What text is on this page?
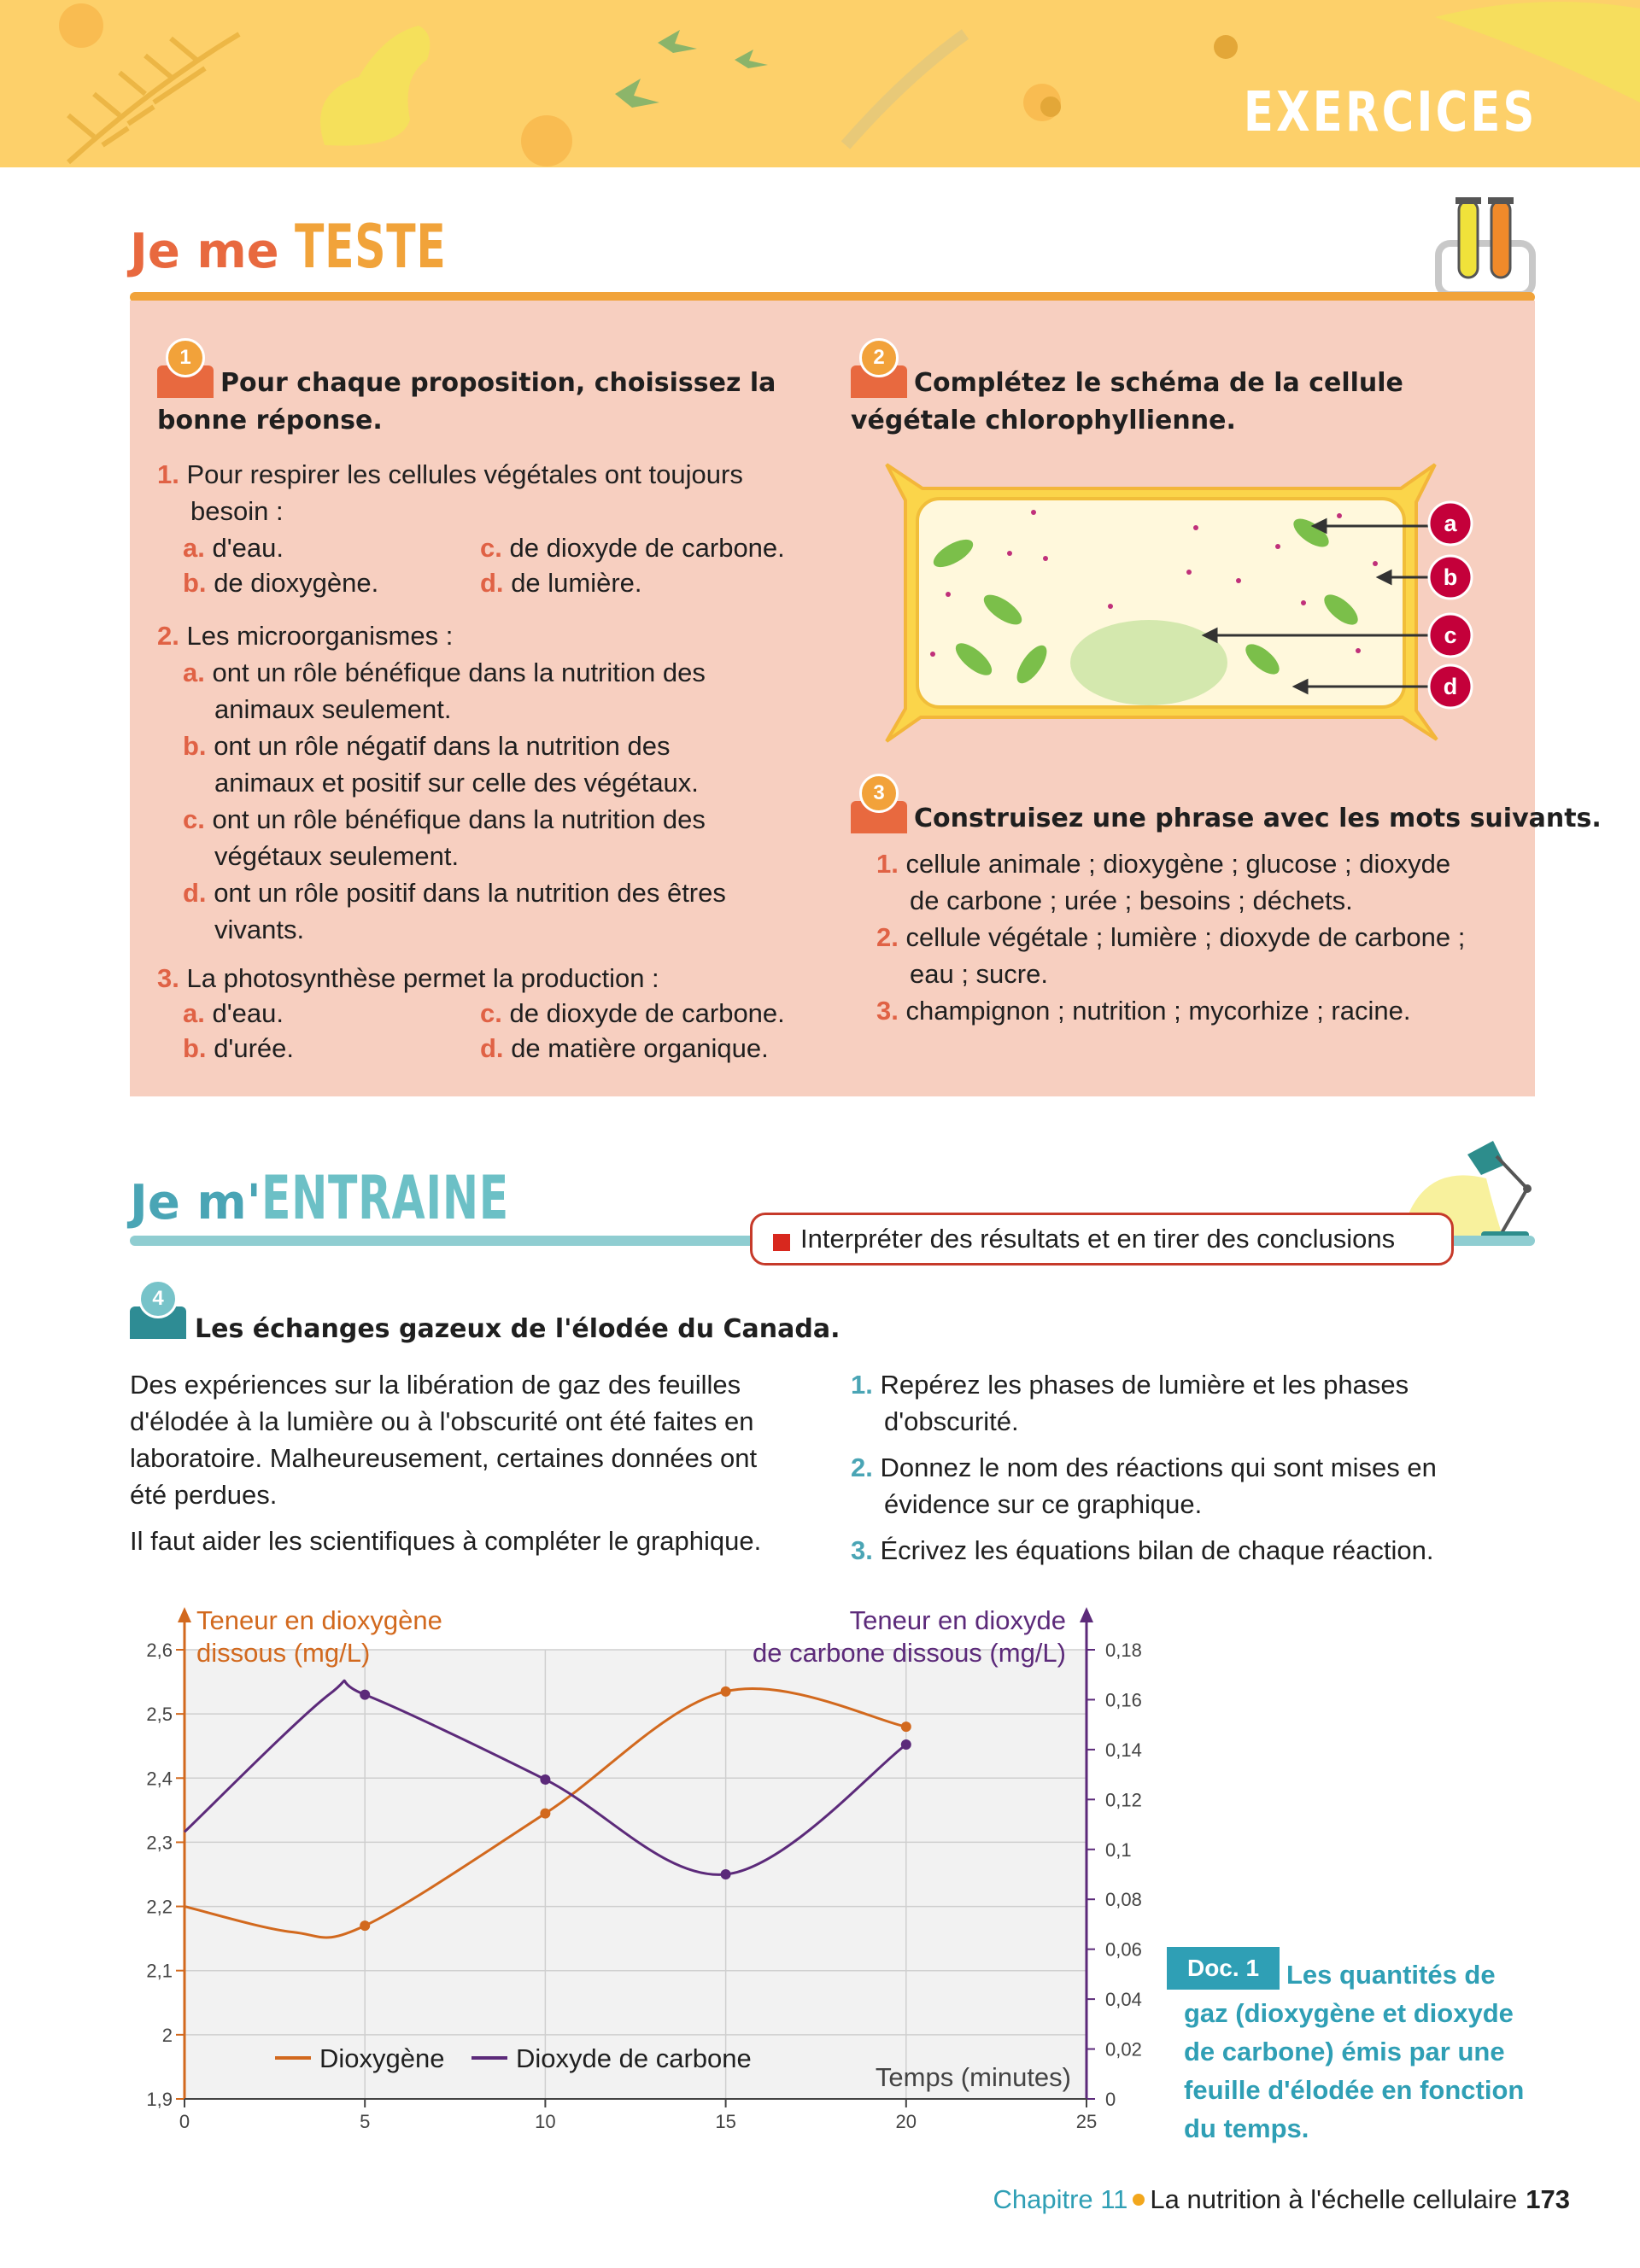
EXERCICES
Je me TESTE
1
Pour chaque proposition, choisissez la bonne réponse.
1. Pour respirer les cellules végétales ont toujours
besoin :
a. d'eau.	c. de dioxyde de carbone.
b. de dioxygène.	d. de lumière.
2. Les microorganismes :
a. ont un rôle bénéfique dans la nutrition des
animaux seulement.
b. ont un rôle négatif dans la nutrition des
animaux et positif sur celle des végétaux.
c. ont un rôle bénéfique dans la nutrition des
végétaux seulement.
d. ont un rôle positif dans la nutrition des êtres
vivants.
3. La photosynthèse permet la production :
a. d'eau.	c. de dioxyde de carbone.
b. d'urée.	d. de matière organique.
2
Complétez le schéma de la cellule végétale chlorophyllienne.
a
b
c
d
3
Construisez une phrase avec les mots suivants.
1. cellule animale ; dioxygène ; glucose ; dioxyde
de carbone ; urée ; besoins ; déchets.
2. cellule végétale ; lumière ; dioxyde de carbone ;
eau ; sucre.
3. champignon ; nutrition ; mycorhize ; racine.
Je m'ENTRAINE
Interpréter des résultats et en tirer des conclusions
4
Les échanges gazeux de l'élodée du Canada.
Des expériences sur la libération de gaz des feuilles
d'élodée à la lumière ou à l'obscurité ont été faites en
laboratoire. Malheureusement, certaines données ont
été perdues.
Il faut aider les scientifiques à compléter le graphique.
1. Repérez les phases de lumière et les phases
d'obscurité.
2. Donnez le nom des réactions qui sont mises en
évidence sur ce graphique.
3. Écrivez les équations bilan de chaque réaction.
1,9
2
2,1
2,2
2,3
2,4
2,5
2,6
0
0,02
0,04
0,06
0,08
0,1
0,12
0,14
0,16
0,18
0	5	10	15	20	25
Teneur en dioxygène
dissous (mg/L)
Teneur en dioxyde
de carbone dissous (mg/L)
Temps (minutes)
Dioxygène	Dioxyde de carbone
Doc. 1	Les quantités de gaz (dioxygène et dioxyde de carbone) émis par une feuille d'élodée en fonction du temps.
Chapitre 11 La nutrition à l'échelle cellulaire 173
